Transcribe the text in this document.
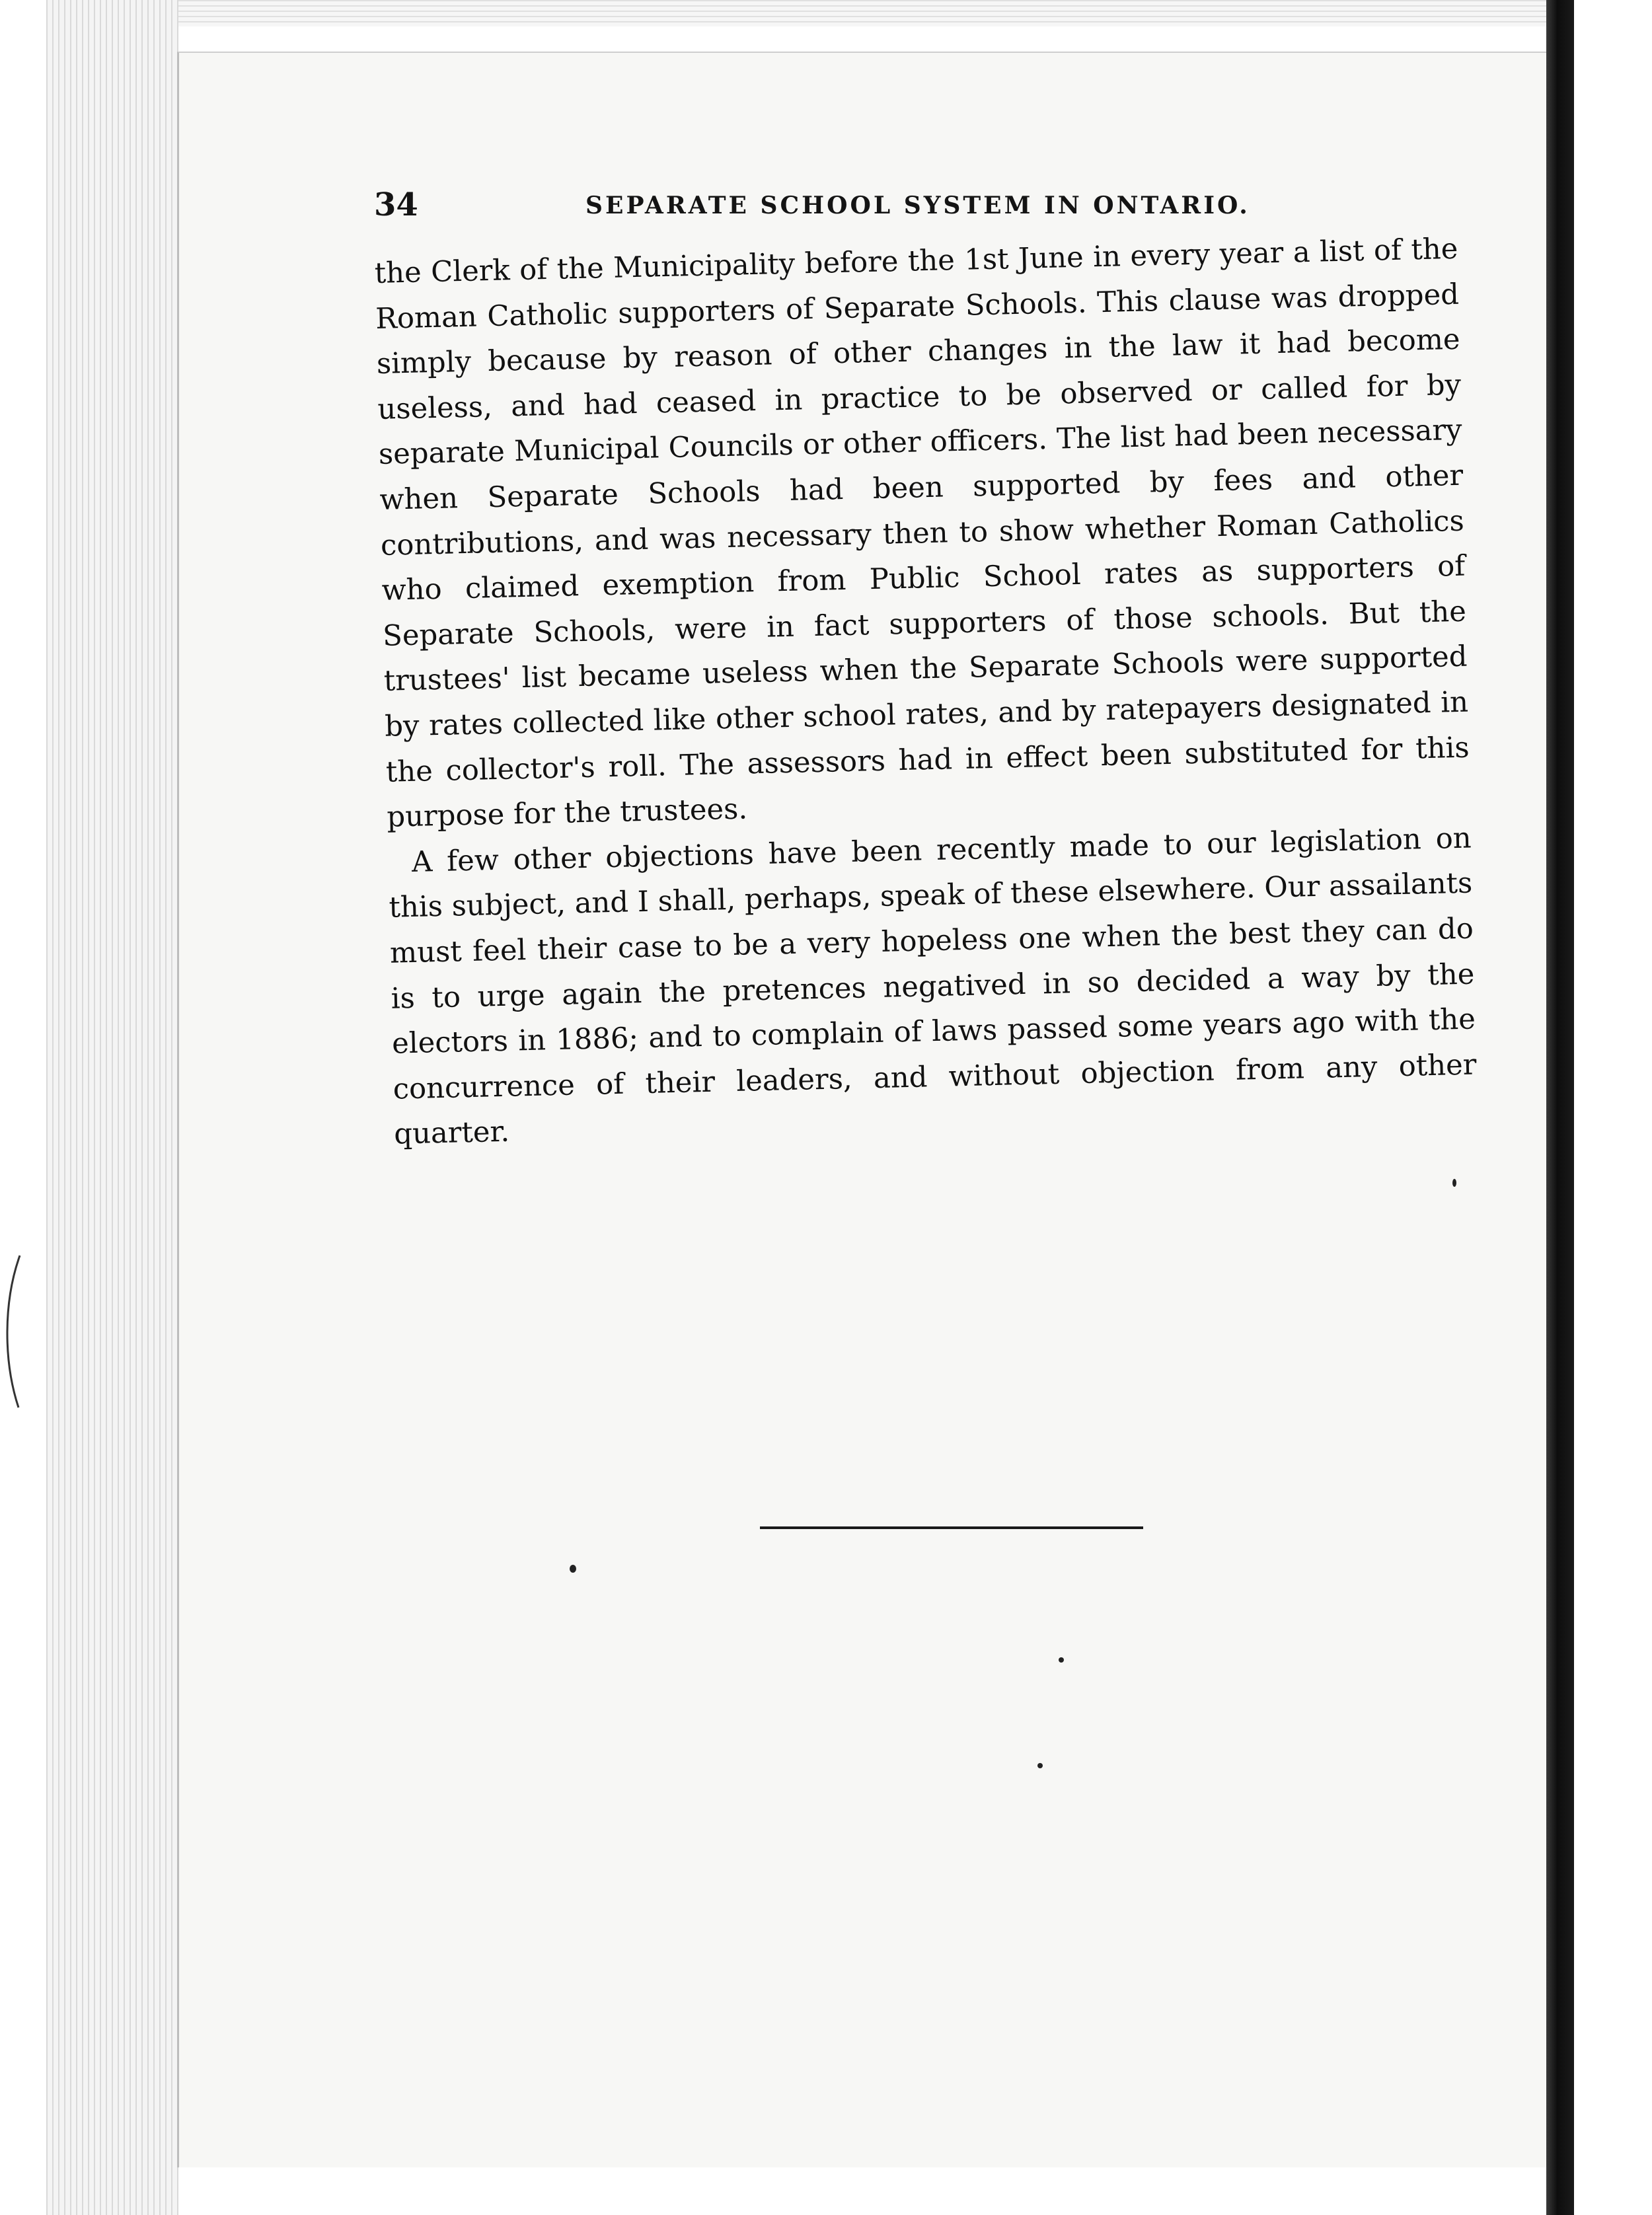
34	SEPARATE SCHOOL SYSTEM IN ONTARIO.

the Clerk of the Municipality before the 1st June in every year a list of the Roman Catholic supporters of Separate Schools. This clause was dropped simply because by reason of other changes in the law it had become useless, and had ceased in practice to be observed or called for by separate Municipal Councils or other officers. The list had been necessary when Separate Schools had been supported by fees and other contributions, and was necessary then to show whether Roman Catholics who claimed exemption from Public School rates as supporters of Separate Schools, were in fact supporters of those schools. But the trustees' list became useless when the Separate Schools were supported by rates collected like other school rates, and by ratepayers designated in the collector's roll. The assessors had in effect been substituted for this purpose for the trustees.

A few other objections have been recently made to our legislation on this subject, and I shall, perhaps, speak of these elsewhere. Our assailants must feel their case to be a very hopeless one when the best they can do is to urge again the pretences negatived in so decided a way by the electors in 1886; and to complain of laws passed some years ago with the concurrence of their leaders, and without objection from any other quarter.
